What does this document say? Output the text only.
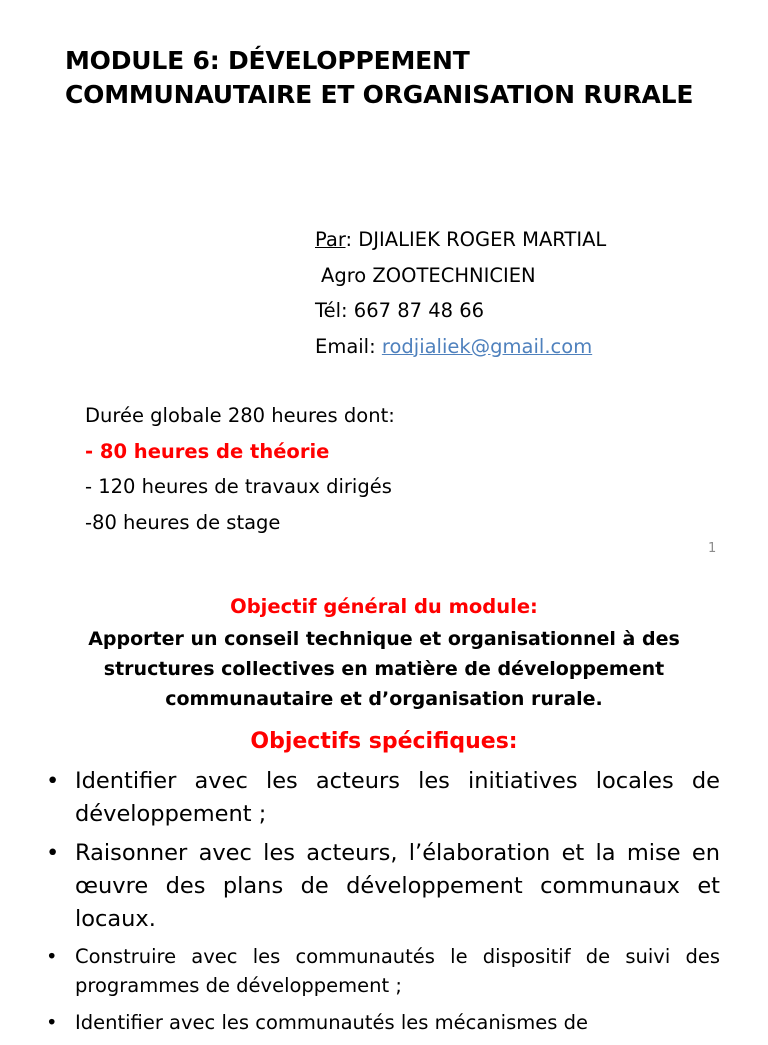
MODULE 6: DÉVELOPPEMENT
COMMUNAUTAIRE ET ORGANISATION RURALE
Par: DJIALIEK ROGER MARTIAL
Agro ZOOTECHNICIEN
Tél: 667 87 48 66
Email: rodjialiek@gmail.com
Durée globale 280 heures dont:
- 80 heures de théorie
- 120 heures de travaux dirigés
-80 heures de stage
1
Objectif général du module:
Apporter un conseil technique et organisationnel à des structures collectives en matière de développement communautaire et d’organisation rurale.
Objectifs spécifiques:
• Identifier avec les acteurs les initiatives locales de développement ;
• Raisonner avec les acteurs, l’élaboration et la mise en œuvre des plans de développement communaux et locaux.
• Construire avec les communautés le dispositif de suivi des programmes de développement ;
• Identifier avec les communautés les mécanismes de
